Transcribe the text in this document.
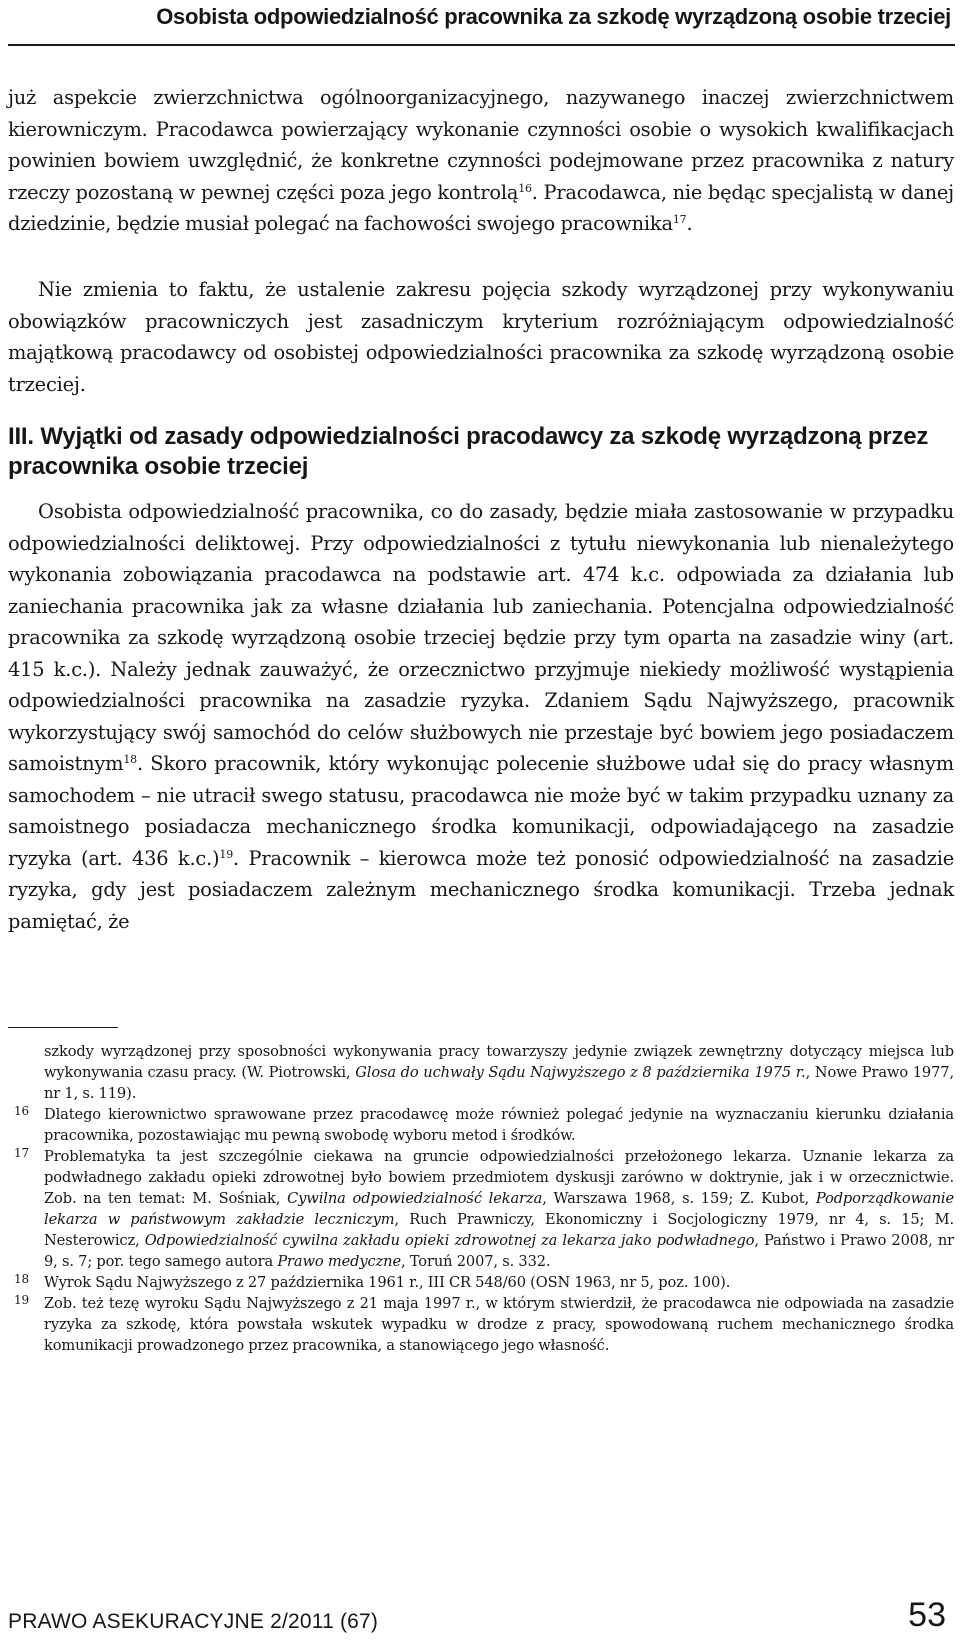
Osobista odpowiedzialność pracownika za szkodę wyrządzoną osobie trzeciej

już aspekcie zwierzchnictwa ogólnoorganizacyjnego, nazywanego inaczej zwierzchnictwem kierowniczym. Pracodawca powierzający wykonanie czynności osobie o wysokich kwalifikacjach powinien bowiem uwzględnić, że konkretne czynności podejmowane przez pracownika z natury rzeczy pozostaną w pewnej części poza jego kontrolą$^{16}$. Pracodawca, nie będąc specjalistą w danej dziedzinie, będzie musiał polegać na fachowości swojego pracownika$^{17}$.

Nie zmienia to faktu, że ustalenie zakresu pojęcia szkody wyrządzonej przy wykonywaniu obowiązków pracowniczych jest zasadniczym kryterium rozróżniającym odpowiedzialność majątkową pracodawcy od osobistej odpowiedzialności pracownika za szkodę wyrządzoną osobie trzeciej.

III. Wyjątki od zasady odpowiedzialności pracodawcy za szkodę wyrządzoną przez pracownika osobie trzeciej

Osobista odpowiedzialność pracownika, co do zasady, będzie miała zastosowanie w przypadku odpowiedzialności deliktowej. Przy odpowiedzialności z tytułu niewykonania lub nienależytego wykonania zobowiązania pracodawca na podstawie art. 474 k.c. odpowiada za działania lub zaniechania pracownika jak za własne działania lub zaniechania. Potencjalna odpowiedzialność pracownika za szkodę wyrządzoną osobie trzeciej będzie przy tym oparta na zasadzie winy (art. 415 k.c.). Należy jednak zauważyć, że orzecznictwo przyjmuje niekiedy możliwość wystąpienia odpowiedzialności pracownika na zasadzie ryzyka. Zdaniem Sądu Najwyższego, pracownik wykorzystujący swój samochód do celów służbowych nie przestaje być bowiem jego posiadaczem samoistnym$^{18}$. Skoro pracownik, który wykonując polecenie służbowe udał się do pracy własnym samochodem – nie utracił swego statusu, pracodawca nie może być w takim przypadku uznany za samoistnego posiadacza mechanicznego środka komunikacji, odpowiadającego na zasadzie ryzyka (art. 436 k.c.)$^{19}$. Pracownik – kierowca może też ponosić odpowiedzialność na zasadzie ryzyka, gdy jest posiadaczem zależnym mechanicznego środka komunikacji. Trzeba jednak pamiętać, że

szkody wyrządzonej przy sposobności wykonywania pracy towarzyszy jedynie związek zewnętrzny dotyczący miejsca lub wykonywania czasu pracy. (W. Piotrowski, Glosa do uchwały Sądu Najwyższego z 8 października 1975 r., Nowe Prawo 1977, nr 1, s. 119).

16 Dlatego kierownictwo sprawowane przez pracodawcę może również polegać jedynie na wyznaczaniu kierunku działania pracownika, pozostawiając mu pewną swobodę wyboru metod i środków.

17 Problematyka ta jest szczególnie ciekawa na gruncie odpowiedzialności przełożonego lekarza. Uznanie lekarza za podwładnego zakładu opieki zdrowotnej było bowiem przedmiotem dyskusji zarówno w doktrynie, jak i w orzecznictwie. Zob. na ten temat: M. Sośniak, Cywilna odpowiedzialność lekarza, Warszawa 1968, s. 159; Z. Kubot, Podporządkowanie lekarza w państwowym zakładzie leczniczym, Ruch Prawniczy, Ekonomiczny i Socjologiczny 1979, nr 4, s. 15; M. Nesterowicz, Odpowiedzialność cywilna zakładu opieki zdrowotnej za lekarza jako podwładnego, Państwo i Prawo 2008, nr 9, s. 7; por. tego samego autora Prawo medyczne, Toruń 2007, s. 332.

18 Wyrok Sądu Najwyższego z 27 października 1961 r., III CR 548/60 (OSN 1963, nr 5, poz. 100).

19 Zob. też tezę wyroku Sądu Najwyższego z 21 maja 1997 r., w którym stwierdził, że pracodawca nie odpowiada na zasadzie ryzyka za szkodę, która powstała wskutek wypadku w drodze z pracy, spowodowaną ruchem mechanicznego środka komunikacji prowadzonego przez pracownika, a stanowiącego jego własność.

PRAWO ASEKURACYJNE 2/2011 (67)	53
